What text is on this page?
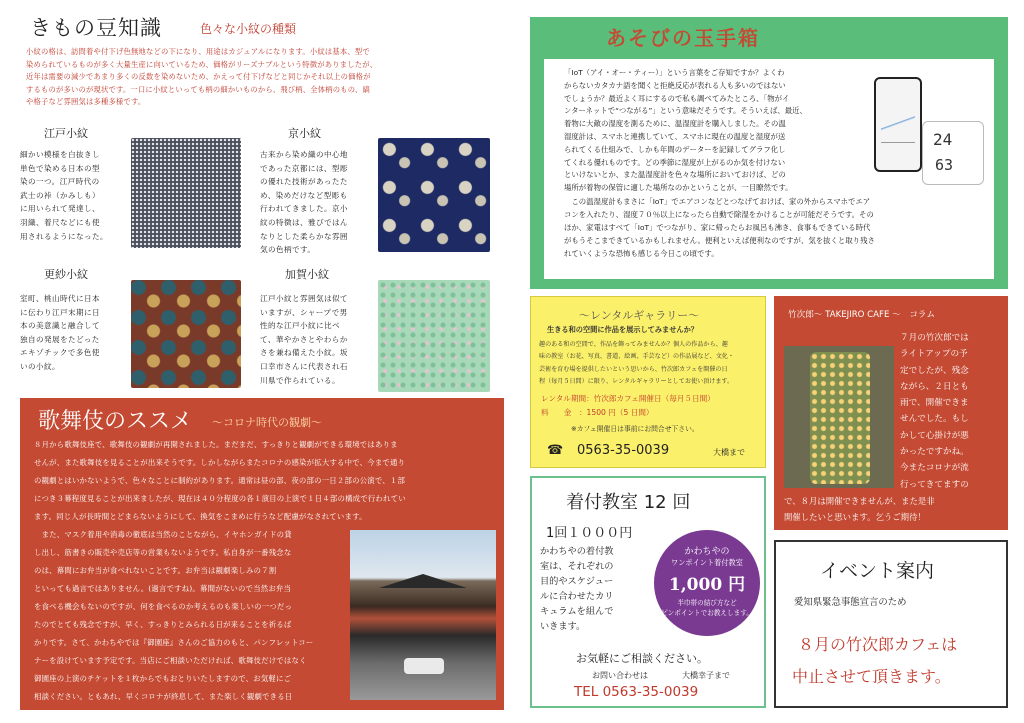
きもの豆知識	色々な小紋の種類
小紋の格は、訪問着や付下げ色無地などの下になり、用途はカジュアルになります。小紋は基本、型で
染められているものが多く大量生産に向いているため、価格がリーズナブルという特徴がありましたが、
近年は需要の減少であまり多くの反数を染めないため、かえって付下げなどと同じかそれ以上の価格が
するものが多いのが現状です。一口に小紋といっても柄の細かいものから、飛び柄、全体柄のもの、縞
や格子など雰囲気は多種多様です。
江戸小紋
細かい模様を白抜きし
単色で染める日本の型
染の一つ。江戸時代の
武士の裃（かみしも）
に用いられて発達し、
羽織、着尺などにも使
用されるようになった。
京小紋
古来から染め織の中心地
であった京都には、型彫
の優れた技術があったた
め、染めだけなど型彫も
行われてきました。京小
紋の特徴は、雅びではん
なりとした柔らかな雰囲
気の色柄です。
更紗小紋
室町、桃山時代に日本
に伝わり江戸末期に日
本の美意識と融合して
独自の発展をたどった
エキゾチックで多色使
いの小紋。
加賀小紋
江戸小紋と雰囲気は似て
いますが、シャープで男
性的な江戸小紋に比べ
て、華やかさとやわらか
さを兼ね備えた小紋。坂
口幸市さんに代表され石
川県で作られている。
歌舞伎のススメ ～コロナ時代の観劇～
８月から歌舞伎座で、歌舞伎の観劇が再開されました。まだまだ、すっきりと観劇ができる環境ではありま
せんが、また歌舞伎を見ることが出来そうです。しかしながらまたコロナの感染が拡大する中で、今まで通り
の観劇とはいかないようで、色々なことに制約があります。通常は昼の部、夜の部の一日２部の公演で、１部
につき３幕程度見ることが出来ましたが、現在は４０分程度の各１演目の上演で１日４部の構成で行われてい
ます。同じ人が長時間とどまらないようにして、換気をこまめに行うなど配慮がなされています。
　また、マスク着用や消毒の徹底は当然のことながら、イヤホンガイドの貸
し出し、筋書きの販売や売店等の営業もないようです。私自身が一番残念な
のは、幕間にお弁当が食べれないことです。お弁当は観劇楽しみの７割
といっても過言ではありません。(過言ですね)。幕間がないので当然お弁当
を食べる機会もないのですが、何を食べるのか考えるのも楽しいの一つだっ
たのでとても残念ですが、早く、すっきりとみられる日が来ることを祈るば
かりです。さて、かわちやでは『御園座』さんのご協力のもと、パンフレットコー
ナーを設けています予定です。当店にご相談いただければ、歌舞伎だけではなく
御園座の上演のチケットを１枚からでもおとりいたしますので、お気軽にご
相談ください。ともあれ、早くコロナが終息して、また楽しく観劇できる日
が待ち遠しいですね。
あそびの玉手箱
「IoT（アイ・オー・ティー）」という言葉をご存知ですか？よくわ
からないカタカナ語を聞くと拒絶反応が表れる人も多いのではない
でしょうか？最近よく耳にするので私も調べてみたところ、「物がイ
ンターネットで“つながる”」という意味だそうです。そういえば、最近、
着物に大敵の湿度を測るために、温湿度計を購入しました。その温
湿度計は、スマホと連携していて、スマホに現在の温度と湿度が送
られてくる仕組みで、しかも年間のデーターを記録してグラフ化し
てくれる優れものです。どの季節に湿度が上がるのか気を付けない
といけないとか、また温湿度計を色々な場所においておけば、どの
場所が着物の保管に適した場所なのかということが、一目瞭然です。
　この温湿度計もまさに「IoT」でエアコンなどとつなげておけば、家の外からスマホでエア
コンを入れたり、湿度７０％以上になったら自動で除湿をかけることが可能だそうです。その
ほか、家電はすべて「IoT」でつながり、家に帰ったらお風呂も沸き、食事もできている時代
がもうそこまできているかもしれません。便利といえば便利なのですが、気を抜くと取り残さ
れていくような恐怖も感じる今日この頃です。
24
63
～レンタルギャラリー～
生きる和の空間に作品を展示してみませんか？
趣のある和の空間で、作品を飾ってみませんか？個人の作品から、趣
味の教室（お花、写真、書道、絵画、手芸など）の作品展など、文化・
芸術を育む場を提供したいという思いから、竹次郎カフェを開催の日
程（毎月５日間）に限り、レンタルギャラリーとしてお使い頂けます。
レンタル期間：竹次郎カフェ開催日（毎月５日間）
料　　金　：1500 円（5 日間）
※カフェ開催日は事前にお問合せ下さい。
☎ 0563-35-0039	大橋まで
竹次郎～ TAKEJIRO CAFE ～　コラム
７月の竹次郎では
ライトアップの予
定でしたが、残念
ながら、２日とも
雨で、開催できま
せんでした。もし
かして心掛けが悪
かったですかね。
今またコロナが流
行ってきてますの
で、８月は開催できませんが、また是非
開催したいと思います。乞うご期待！
着付教室 12 回
1回１０００円
かわちやの着付教
室は、それぞれの
目的やスケジュー
ルに合わせたカリ
キュラムを組んで
いきます。
かわちやの
ワンポイント着付教室
1,000 円
半巾帯の結び方など
ピンポイントでお教えします。
お気軽にご相談ください。
お問い合わせは	大橋幸子まで
TEL 0563-35-0039
イベント案内
愛知県緊急事態宣言のため
８月の竹次郎カフェは
中止させて頂きます。
